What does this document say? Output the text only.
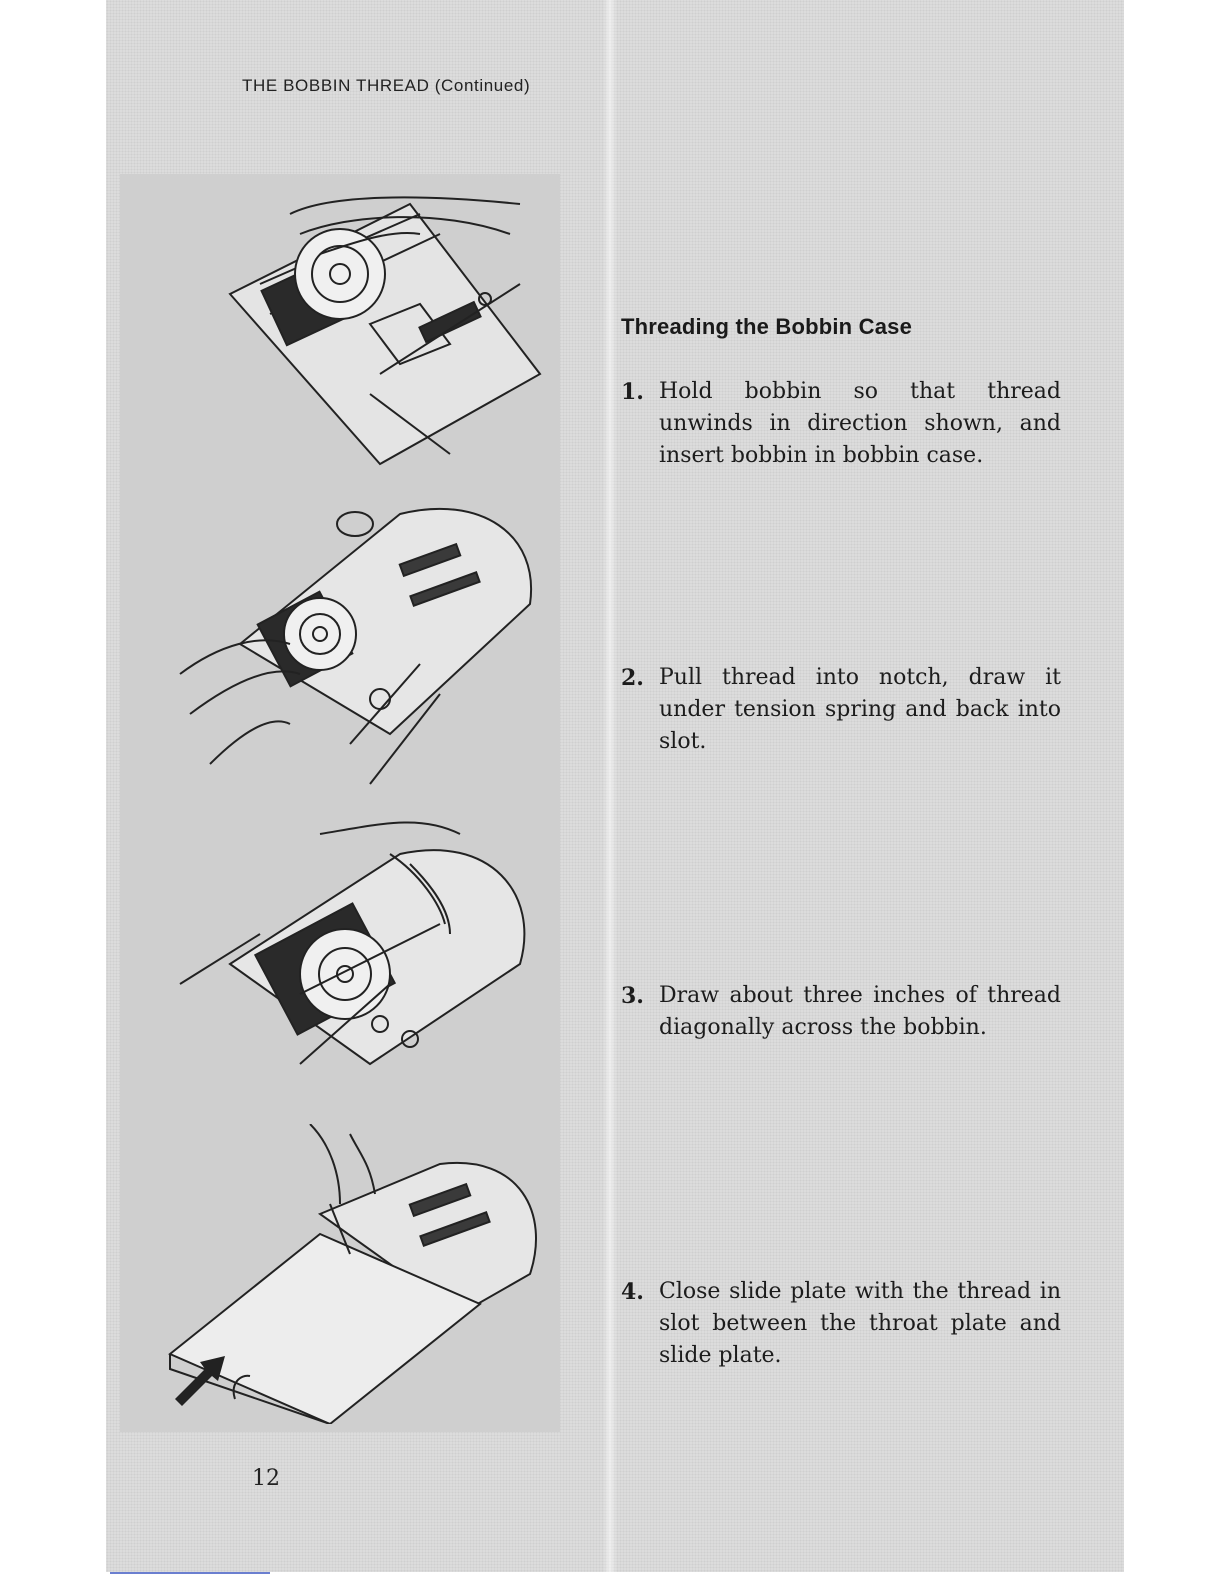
THE BOBBIN THREAD (Continued)
Threading the Bobbin Case
1. Hold bobbin so that thread unwinds in direction shown, and insert bobbin in bobbin case.
2. Pull thread into notch, draw it under tension spring and back into slot.
3. Draw about three inches of thread diagonally across the bobbin.
4. Close slide plate with the thread in slot between the throat plate and slide plate.
12
